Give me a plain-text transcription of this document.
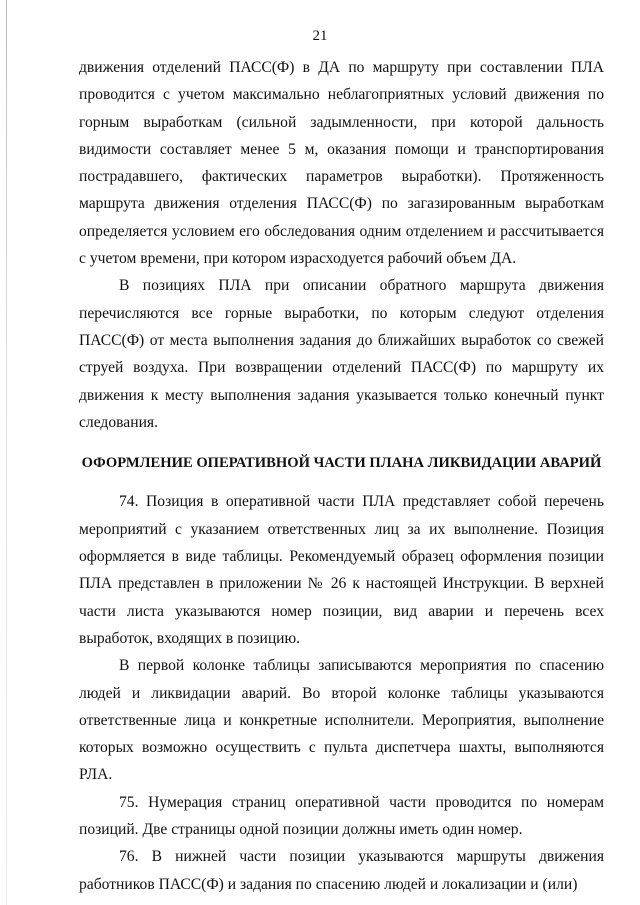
21

движения отделений ПАСС(Ф) в ДА по маршруту при составлении ПЛА проводится с учетом максимально неблагоприятных условий движения по горным выработкам (сильной задымленности, при которой дальность видимости составляет менее 5 м, оказания помощи и транспортирования пострадавшего, фактических параметров выработки). Протяженность маршрута движения отделения ПАСС(Ф) по загазированным выработкам определяется условием его обследования одним отделением и рассчитывается с учетом времени, при котором израсходуется рабочий объем ДА.

В позициях ПЛА при описании обратного маршрута движения перечисляются все горные выработки, по которым следуют отделения ПАСС(Ф) от места выполнения задания до ближайших выработок со свежей струей воздуха. При возвращении отделений ПАСС(Ф) по маршруту их движения к месту выполнения задания указывается только конечный пункт следования.

ОФОРМЛЕНИЕ ОПЕРАТИВНОЙ ЧАСТИ ПЛАНА ЛИКВИДАЦИИ АВАРИЙ

74. Позиция в оперативной части ПЛА представляет собой перечень мероприятий с указанием ответственных лиц за их выполнение. Позиция оформляется в виде таблицы. Рекомендуемый образец оформления позиции ПЛА представлен в приложении № 26 к настоящей Инструкции. В верхней части листа указываются номер позиции, вид аварии и перечень всех выработок, входящих в позицию.

В первой колонке таблицы записываются мероприятия по спасению людей и ликвидации аварий. Во второй колонке таблицы указываются ответственные лица и конкретные исполнители. Мероприятия, выполнение которых возможно осуществить с пульта диспетчера шахты, выполняются РЛА.

75. Нумерация страниц оперативной части проводится по номерам позиций. Две страницы одной позиции должны иметь один номер.

76. В нижней части позиции указываются маршруты движения работников ПАСС(Ф) и задания по спасению людей и локализации и (или)
